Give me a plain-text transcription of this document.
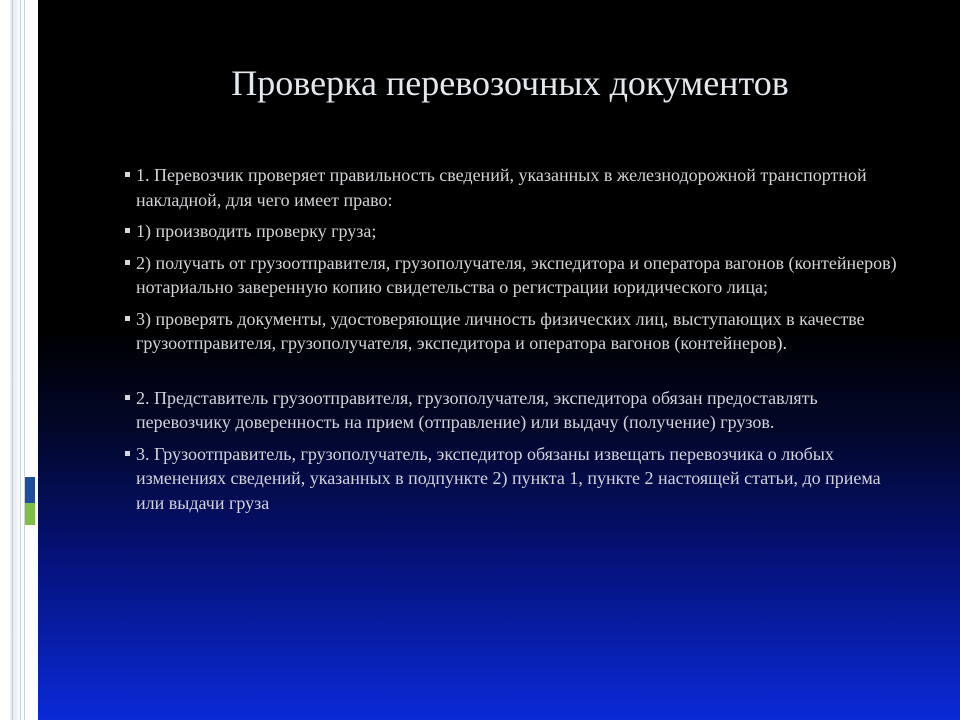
Проверка перевозочных документов
1. Перевозчик проверяет правильность сведений, указанных в железнодорожной транспортной накладной, для чего имеет право:
1) производить проверку груза;
2) получать от грузоотправителя, грузополучателя, экспедитора и оператора вагонов (контейнеров) нотариально заверенную копию свидетельства о регистрации юридического лица;
3) проверять документы, удостоверяющие личность физических лиц, выступающих в качестве грузоотправителя, грузополучателя, экспедитора и оператора вагонов (контейнеров).
2. Представитель грузоотправителя, грузополучателя, экспедитора обязан предоставлять перевозчику доверенность на прием (отправление) или выдачу (получение) грузов.
3. Грузоотправитель, грузополучатель, экспедитор обязаны извещать перевозчика о любых изменениях сведений, указанных в подпункте 2) пункта 1, пункте 2 настоящей статьи, до приема или выдачи груза
